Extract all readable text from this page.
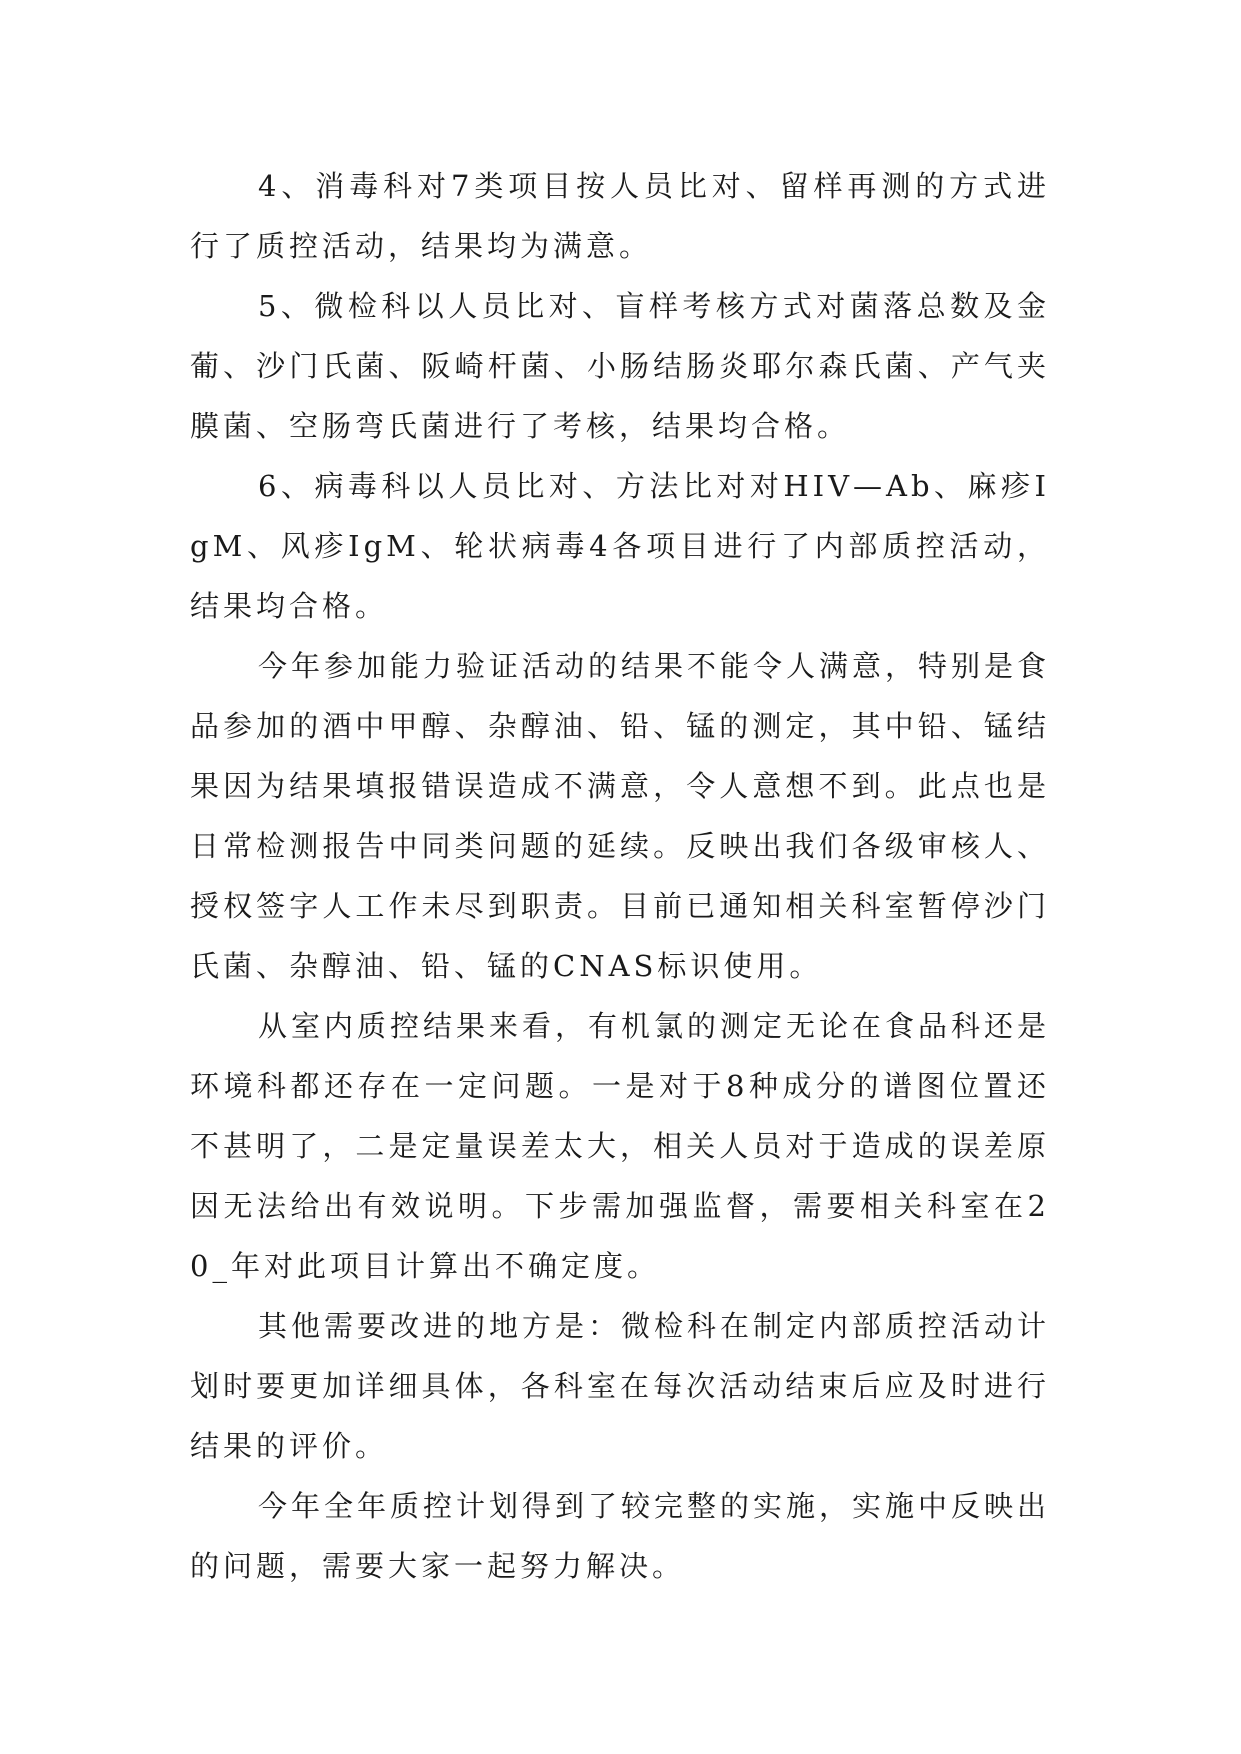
4、消毒科对7类项目按人员比对、留样再测的方式进行了质控活动，结果均为满意。

5、微检科以人员比对、盲样考核方式对菌落总数及金葡、沙门氏菌、阪崎杆菌、小肠结肠炎耶尔森氏菌、产气夹膜菌、空肠弯氏菌进行了考核，结果均合格。

6、病毒科以人员比对、方法比对对HIV—Ab、麻疹IgM、风疹IgM、轮状病毒4各项目进行了内部质控活动，结果均合格。

今年参加能力验证活动的结果不能令人满意，特别是食品参加的酒中甲醇、杂醇油、铅、锰的测定，其中铅、锰结果因为结果填报错误造成不满意，令人意想不到。此点也是日常检测报告中同类问题的延续。反映出我们各级审核人、授权签字人工作未尽到职责。目前已通知相关科室暂停沙门氏菌、杂醇油、铅、锰的CNAS标识使用。

从室内质控结果来看，有机氯的测定无论在食品科还是环境科都还存在一定问题。一是对于8种成分的谱图位置还不甚明了，二是定量误差太大，相关人员对于造成的误差原因无法给出有效说明。下步需加强监督，需要相关科室在20_年对此项目计算出不确定度。

其他需要改进的地方是：微检科在制定内部质控活动计划时要更加详细具体，各科室在每次活动结束后应及时进行结果的评价。

今年全年质控计划得到了较完整的实施，实施中反映出的问题，需要大家一起努力解决。
